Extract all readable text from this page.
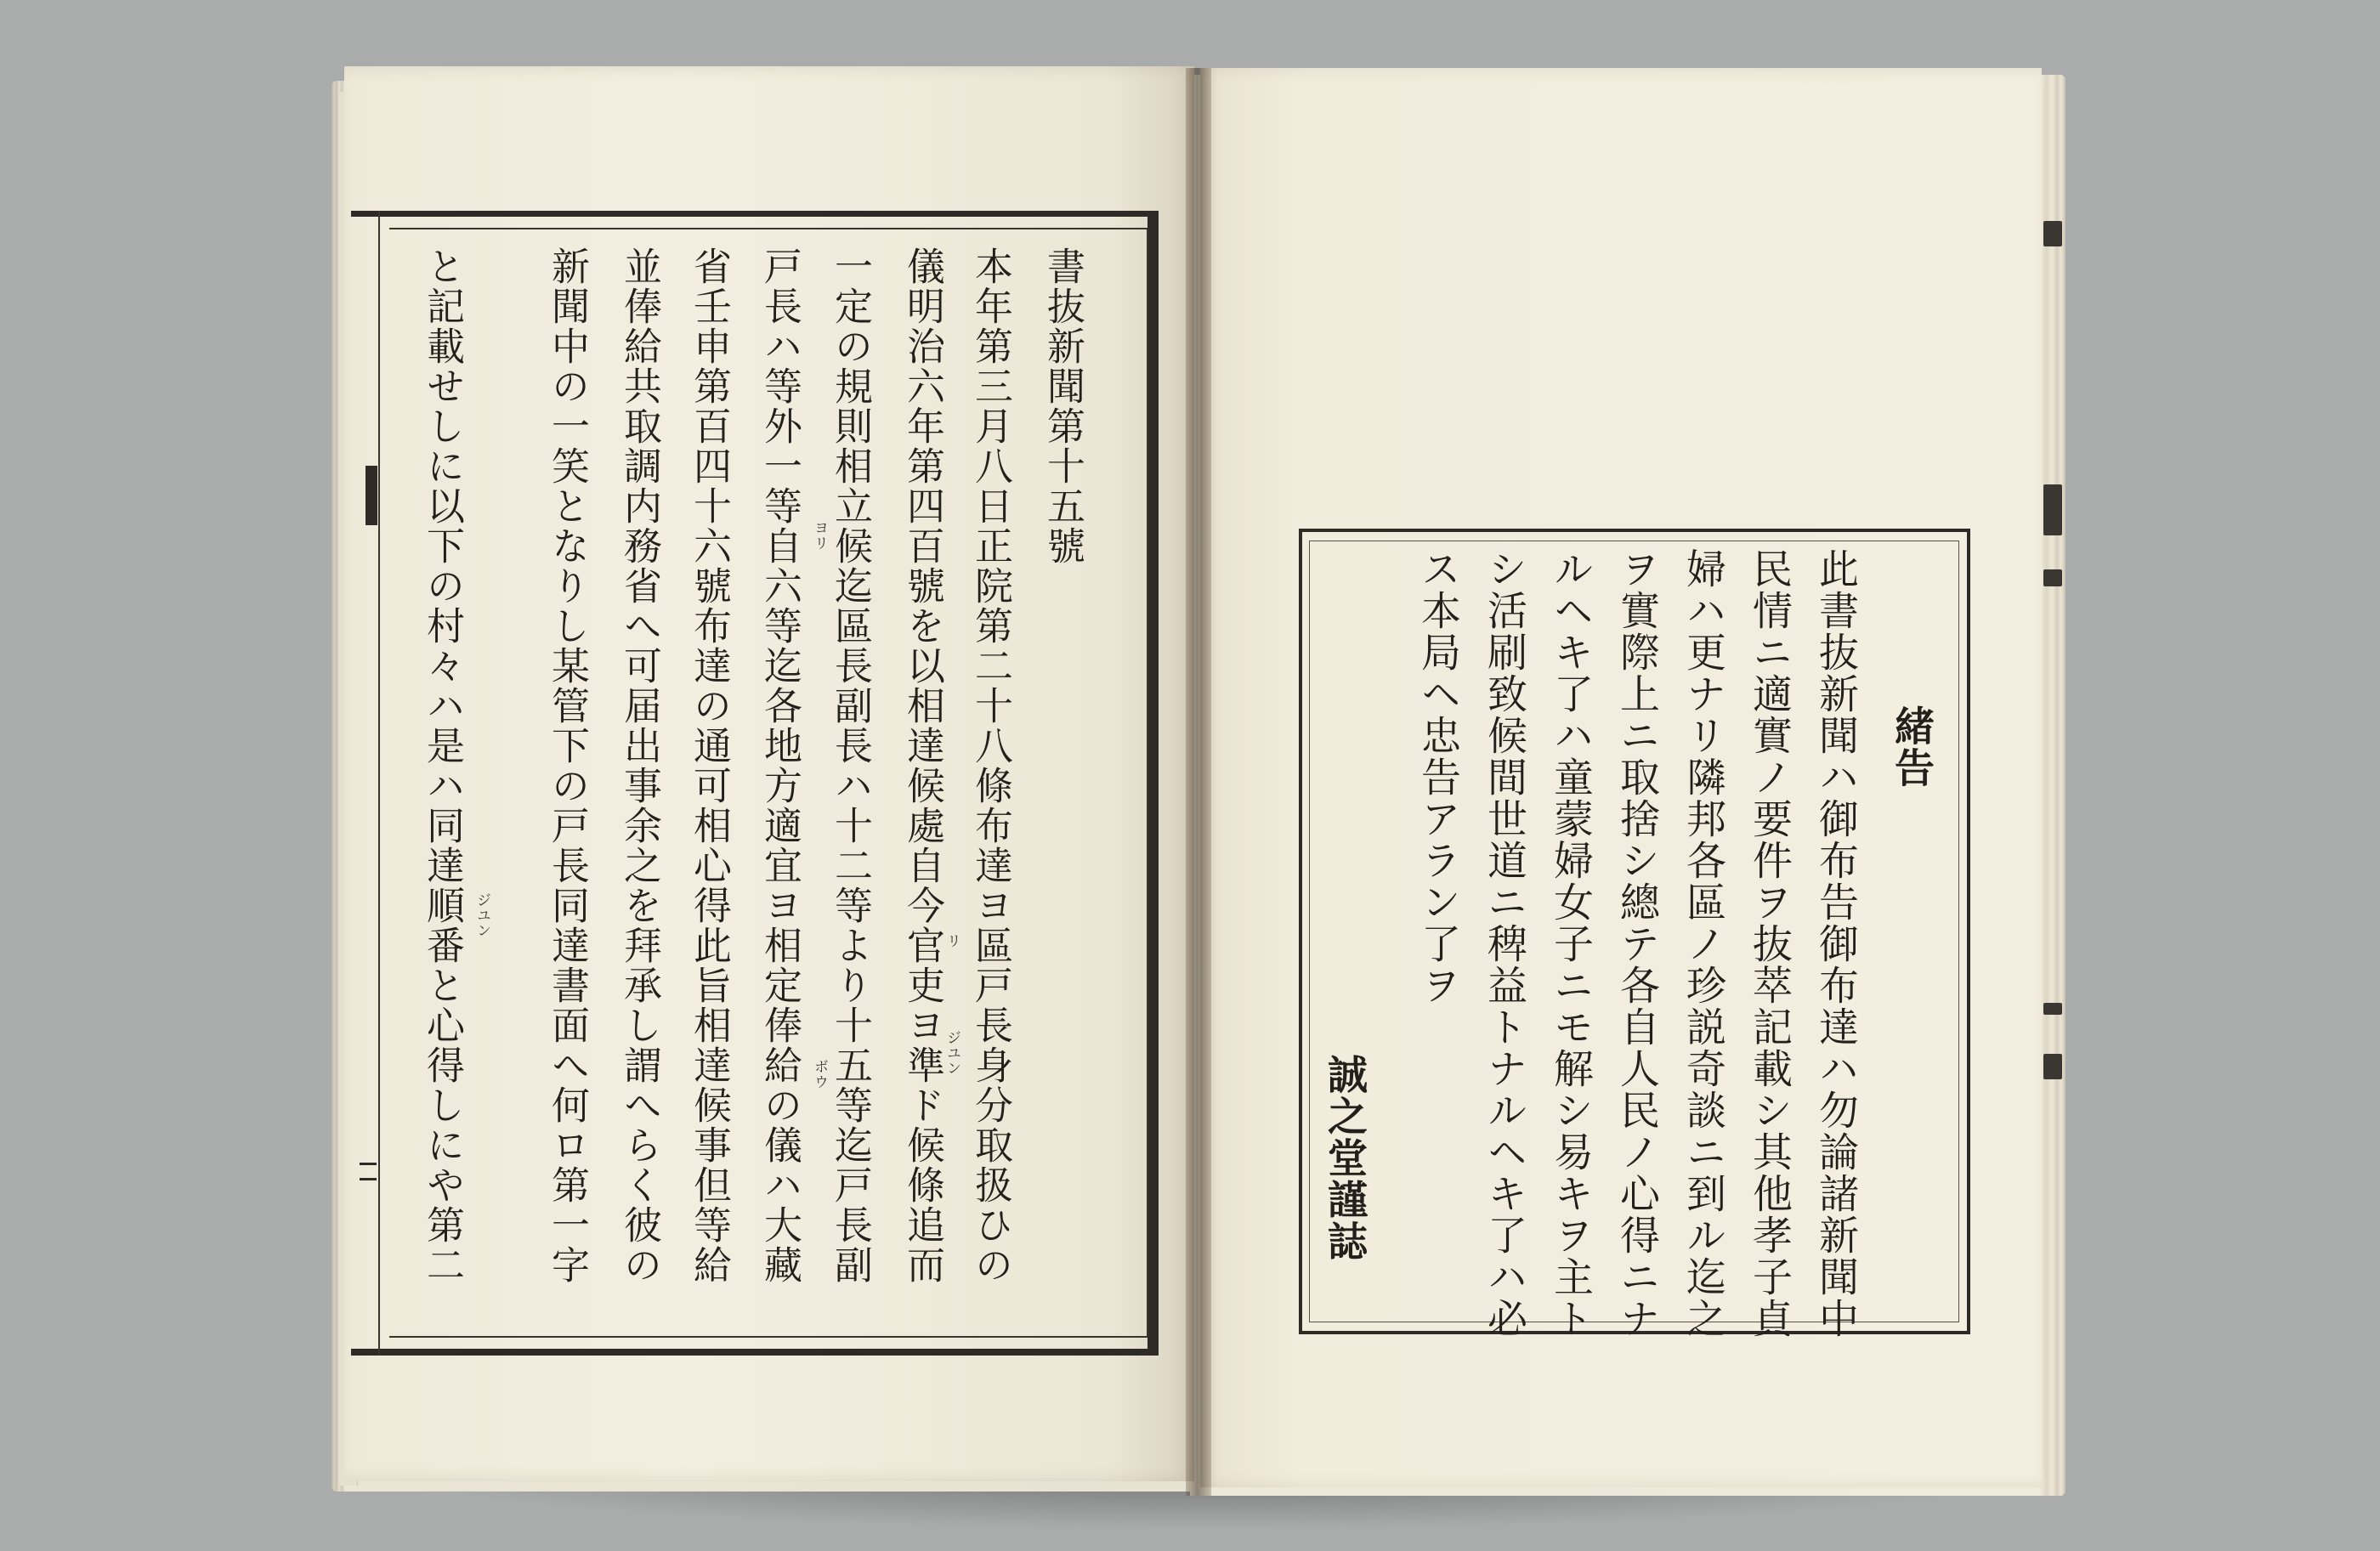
書抜新聞第十五號
本年第三月八日正院第二十八條布達ヨ區戸長身分取扱ひの
儀明治六年第四百號を以相達候處自今官吏ヨ準ド候條追而
一定の規則相立候迄區長副長ハ十二等より十五等迄戸長副
戸長ハ等外一等自六等迄各地方適宜ヨ相定俸給の儀ハ大藏
省壬申第百四十六號布達の通可相心得此旨相達候事但等給
並俸給共取調内務省へ可届出事余之を拜承し謂へらく彼の
新聞中の一笑となりし某管下の戸長同達書面へ何ロ第一字
と記載せしに以下の村々ハ是ハ同達順番と心得しにや第二	リ
ジユン
ヨリ
ボウ
ジユン
緒告
此書抜新聞ハ御布告御布達ハ勿論諸新聞中
民情ニ適實ノ要件ヲ抜萃記載シ其他孝子貞
婦ハ更ナリ隣邦各區ノ珍説奇談ニ到ル迄之
ヲ實際上ニ取捨シ總テ各自人民ノ心得ニナ
ルヘキ了ハ童蒙婦女子ニモ解シ易キヲ主ト
シ活刷致候間世道ニ稗益トナルヘキ了ハ必
ス本局ヘ忠告アラン了ヲ
誠之堂謹誌
